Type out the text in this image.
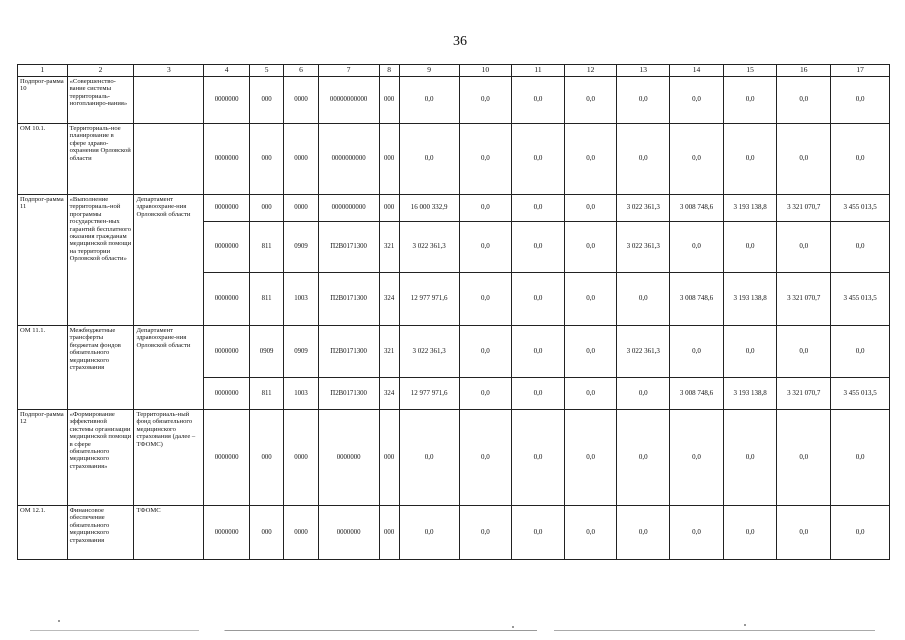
36
1	2	3	4	5	6	7	8	9	10	11	12	13	14	15	16	17
Подпрог-рамма 10	«Совершенство-вание системы территориаль-ногопланиро-вания»		0000000	000	0000	00000000000	000	0,0	0,0	0,0	0,0	0,0	0,0	0,0	0,0	0,0
ОМ 10.1.	Территориаль-ное планирование в сфере здраво-охранения Орловской области		0000000	000	0000	0000000000	000	0,0	0,0	0,0	0,0	0,0	0,0	0,0	0,0	0,0
Подпрог-рамма 11	«Выполнение территориаль-ной программы государствен-ных гарантий бесплатного оказания гражданам медицинской помощи на территории Орловской области»	Департамент здравоохране-ния Орловской области	0000000	000	0000	0000000000	000	16 000 332,9	0,0	0,0	0,0	3 022 361,3	3 008 748,6	3 193 138,8	3 321 070,7	3 455 013,5
			0000000	811	0909	П2В0171300	321	3 022 361,3	0,0	0,0	0,0	3 022 361,3	0,0	0,0	0,0	0,0
			0000000	811	1003	П2В0171300	324	12 977 971,6	0,0	0,0	0,0	0,0	3 008 748,6	3 193 138,8	3 321 070,7	3 455 013,5
ОМ 11.1.	Межбюджетные трансферты бюджетам фондов обязательного медицинского страхования	Департамент здравоохране-ния Орловской области	0000000	0909	0909	П2В0171300	321	3 022 361,3	0,0	0,0	0,0	3 022 361,3	0,0	0,0	0,0	0,0
			0000000	811	1003	П2В0171300	324	12 977 971,6	0,0	0,0	0,0	0,0	3 008 748,6	3 193 138,8	3 321 070,7	3 455 013,5
Подпрог-рамма 12	«Формирование эффективной системы организации медицинской помощи в сфере обязательного медицинского страхования»	Территориаль-ный фонд обязательного медицинского страхования (далее – ТФОМС)	0000000	000	0000	0000000	000	0,0	0,0	0,0	0,0	0,0	0,0	0,0	0,0	0,0
ОМ 12.1.	Финансовое обеспечение обязательного медицинского страхования	ТФОМС	0000000	000	0000	0000000	000	0,0	0,0	0,0	0,0	0,0	0,0	0,0	0,0	0,0
